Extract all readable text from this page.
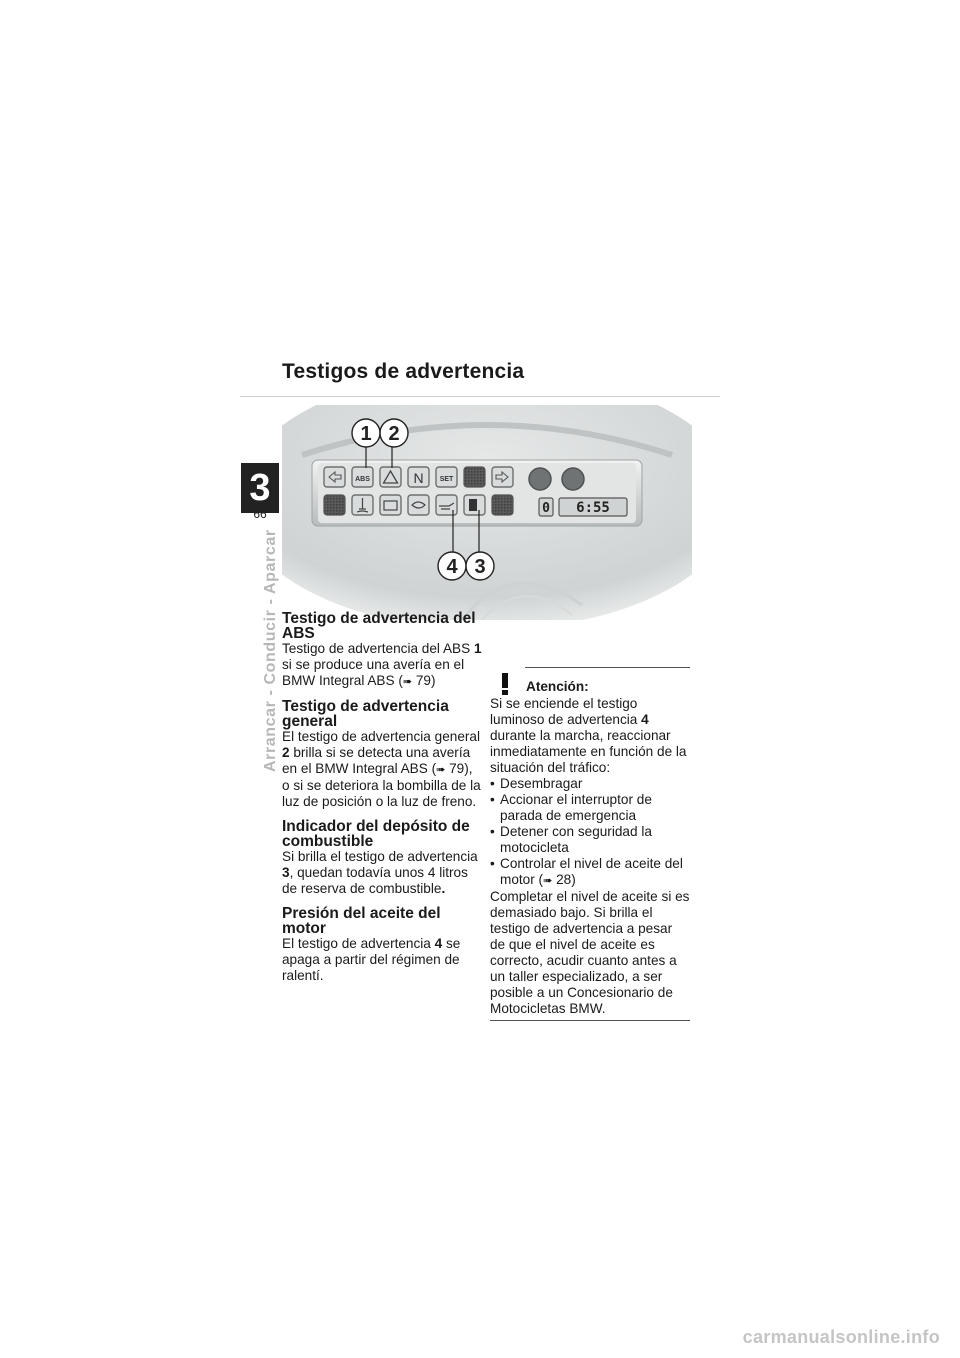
Testigos de advertencia
3
66
Arrancar - Conducir - Aparcar
ABS	N SET
0 6:55
1 2
4 3
Testigo de advertencia del ABS

Testigo de advertencia del ABS 1 si se produce una avería en el BMW Integral ABS (➠ 79)

Testigo de advertencia general

El testigo de advertencia general 2 brilla si se detecta una avería en el BMW Integral ABS (➠ 79), o si se deteriora la bombilla de la luz de posición o la luz de freno.

Indicador del depósito de combustible

Si brilla el testigo de advertencia 3, quedan todavía unos 4 litros de reserva de combustible.

Presión del aceite del motor

El testigo de advertencia 4 se apaga a partir del régimen de ralentí.

Atención:

Si se enciende el testigo luminoso de advertencia 4 durante la marcha, reaccionar inmediatamente en función de la situación del tráfico:

• Desembragar
• Accionar el interruptor de parada de emergencia
• Detener con seguridad la motocicleta
• Controlar el nivel de aceite del motor (➠ 28)

Completar el nivel de aceite si es demasiado bajo. Si brilla el testigo de advertencia a pesar de que el nivel de aceite es correcto, acudir cuanto antes a un taller especializado, a ser posible a un Concesionario de Motocicletas BMW.

carmanualsonline.info
